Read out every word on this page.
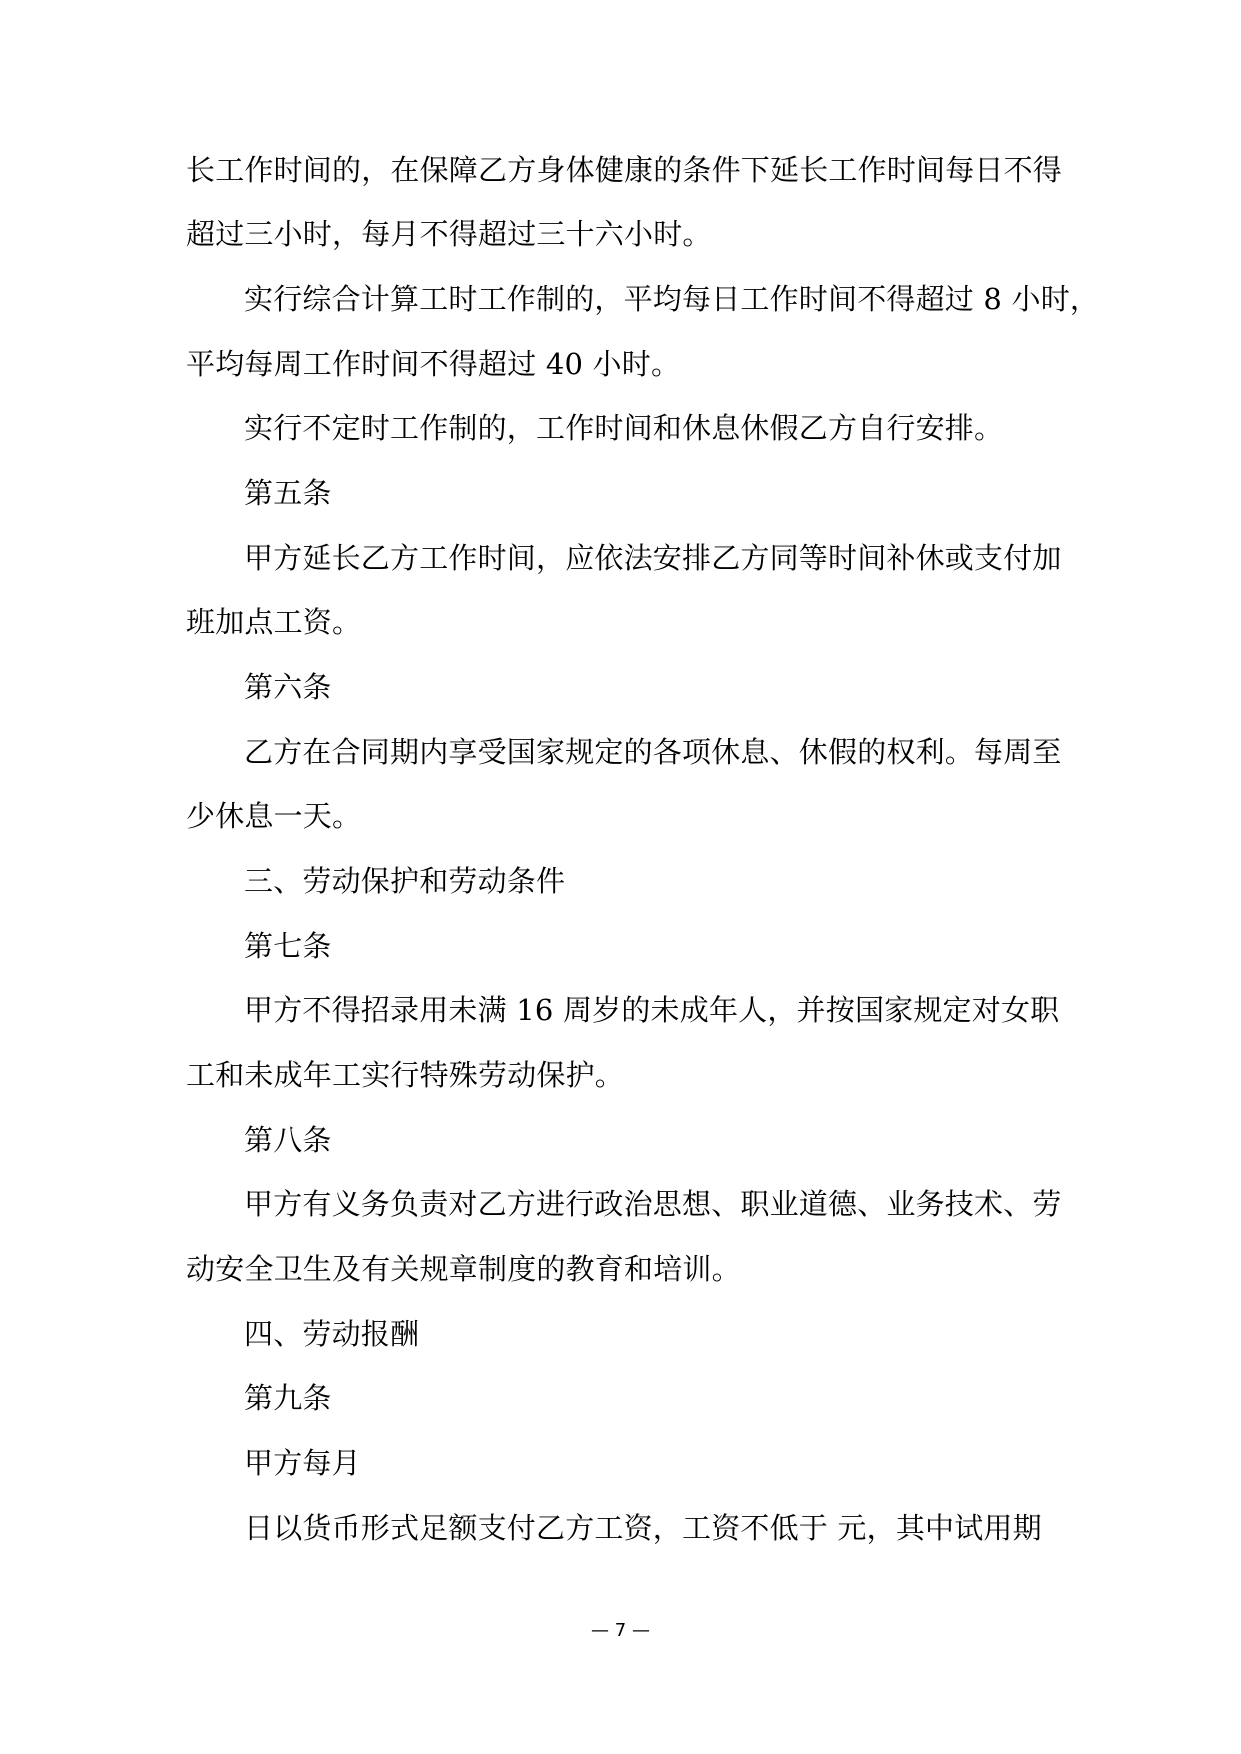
长工作时间的，在保障乙方身体健康的条件下延长工作时间每日不得
超过三小时，每月不得超过三十六小时。
实行综合计算工时工作制的，平均每日工作时间不得超过 8 小时，
平均每周工作时间不得超过 40 小时。
实行不定时工作制的，工作时间和休息休假乙方自行安排。
第五条
甲方延长乙方工作时间，应依法安排乙方同等时间补休或支付加
班加点工资。
第六条
乙方在合同期内享受国家规定的各项休息、休假的权利。每周至
少休息一天。
三、劳动保护和劳动条件
第七条
甲方不得招录用未满 16 周岁的未成年人，并按国家规定对女职
工和未成年工实行特殊劳动保护。
第八条
甲方有义务负责对乙方进行政治思想、职业道德、业务技术、劳
动安全卫生及有关规章制度的教育和培训。
四、劳动报酬
第九条
甲方每月
日以货币形式足额支付乙方工资，工资不低于 元，其中试用期
— 7 —
